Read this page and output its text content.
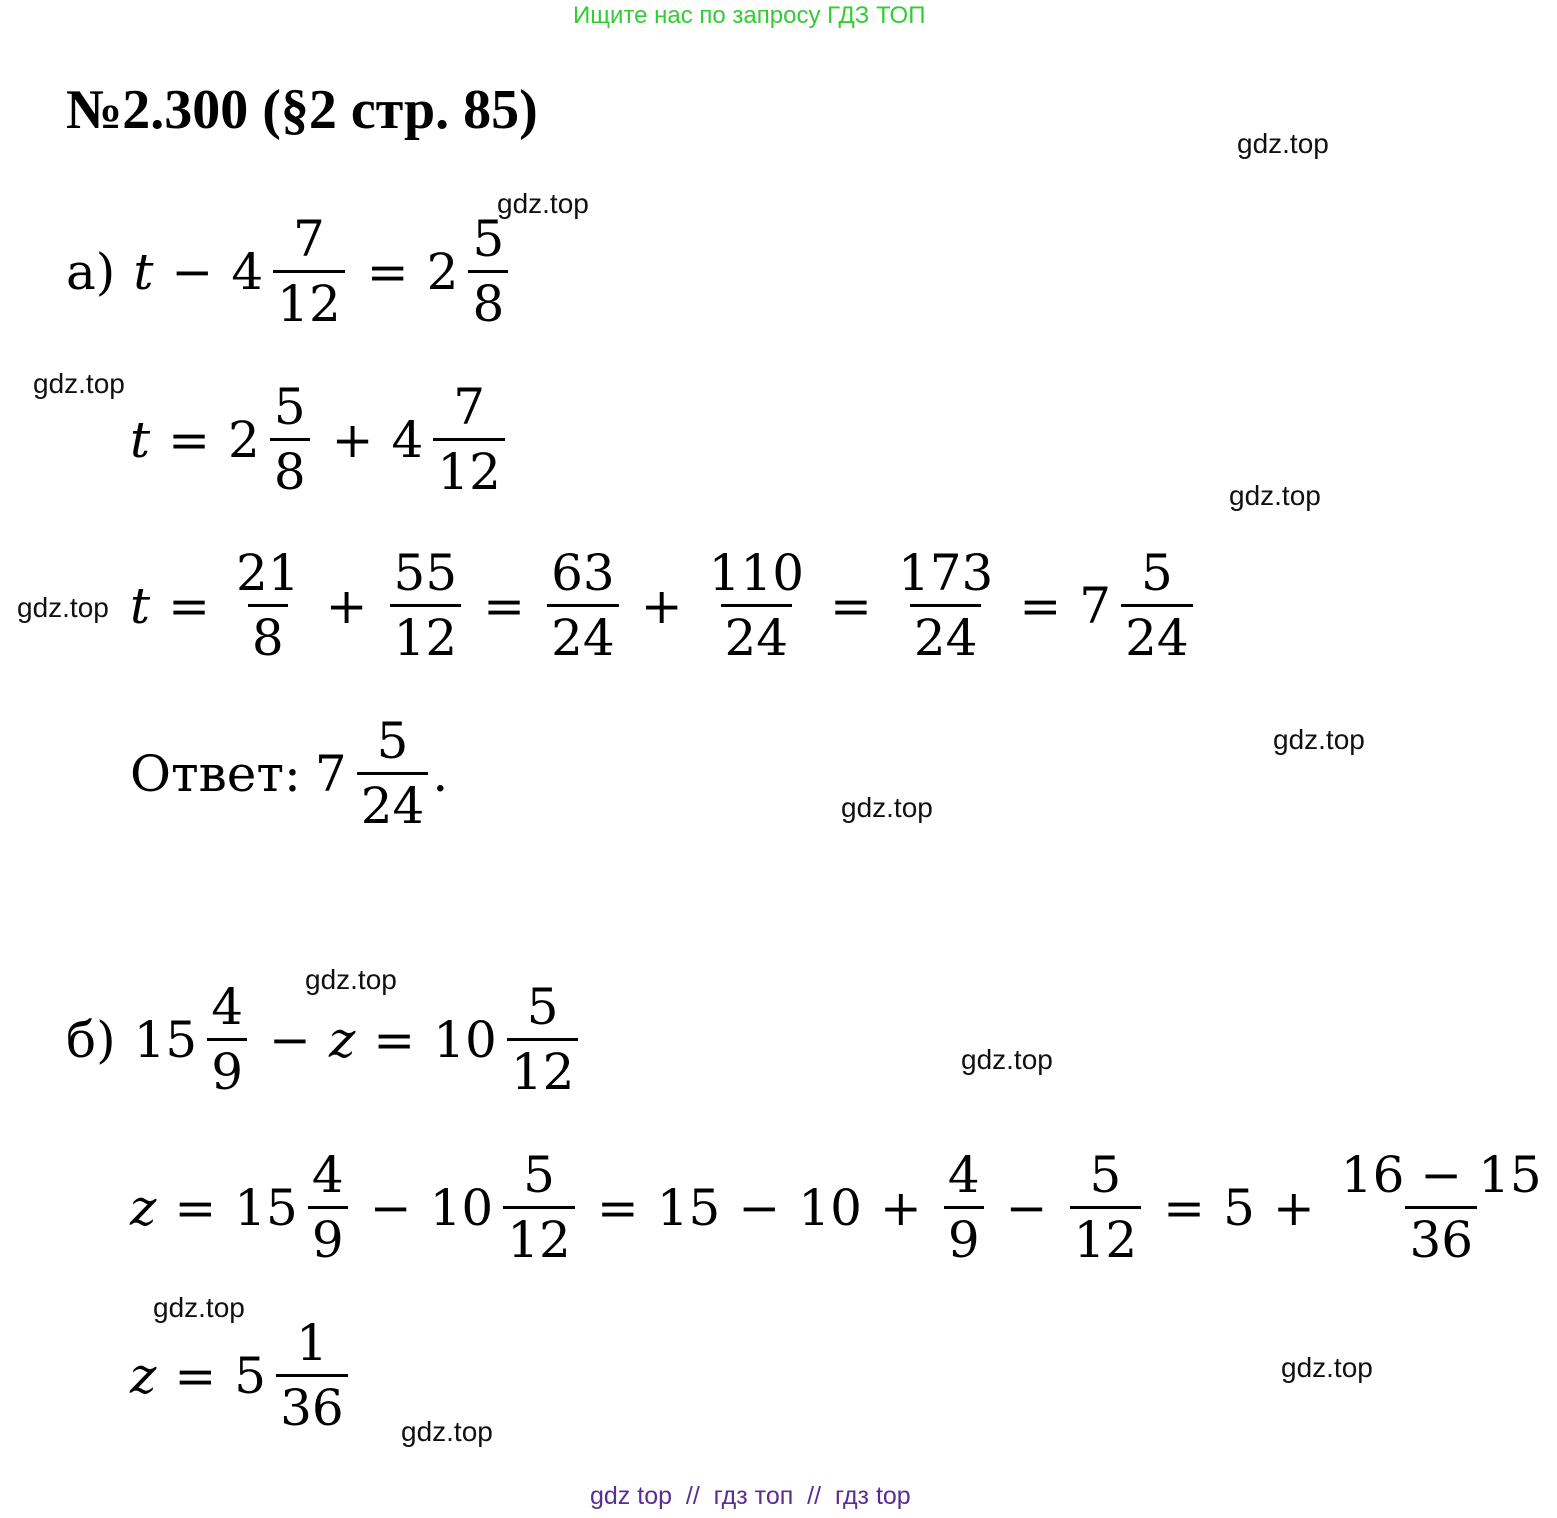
Ищите нас по запросу ГДЗ ТОП
№2.300 (§2 стр. 85)
gdz.top
gdz.top
gdz.top
gdz.top
gdz.top
gdz.top
gdz.top
gdz.top
gdz.top
gdz.top
gdz.top
gdz.top
а) $t - 4 \frac{7}{12} = 2 \frac{5}{8}$
$t = 2 \frac{5}{8} + 4 \frac{7}{12}$
$t = \frac{21}{8} + \frac{55}{12} = \frac{63}{24} + \frac{110}{24} = \frac{173}{24} = 7 \frac{5}{24}$
Ответ: $7 \frac{5}{24}$ .
б) $15 \frac{4}{9} - z = 10 \frac{5}{12}$
$z = 15 \frac{4}{9} - 10 \frac{5}{12} = 15 - 10 + \frac{4}{9} - \frac{5}{12} = 5 + \frac{16 - 15}{36}$
$z = 5 \frac{1}{36}$
gdz top  //  гдз топ  //  гдз top
